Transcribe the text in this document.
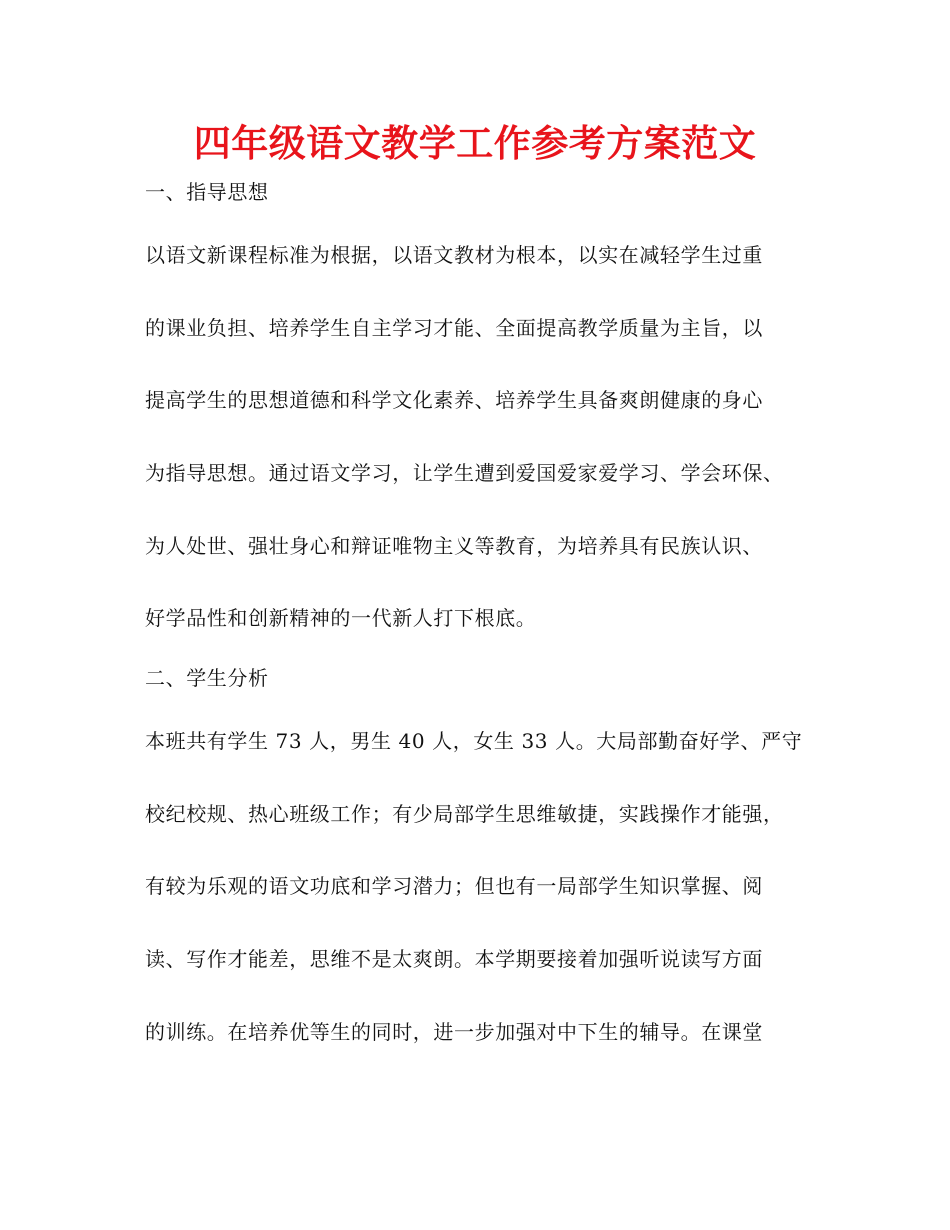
四年级语文教学工作参考方案范文
一、指导思想
以语文新课程标准为根据，以语文教材为根本，以实在减轻学生过重
的课业负担、培养学生自主学习才能、全面提高教学质量为主旨，以
提高学生的思想道德和科学文化素养、培养学生具备爽朗健康的身心
为指导思想。通过语文学习，让学生遭到爱国爱家爱学习、学会环保、
为人处世、强壮身心和辩证唯物主义等教育，为培养具有民族认识、
好学品性和创新精神的一代新人打下根底。
二、学生分析
本班共有学生 73 人，男生 40 人，女生 33 人。大局部勤奋好学、严守
校纪校规、热心班级工作；有少局部学生思维敏捷，实践操作才能强，
有较为乐观的语文功底和学习潜力；但也有一局部学生知识掌握、阅
读、写作才能差，思维不是太爽朗。本学期要接着加强听说读写方面
的训练。在培养优等生的同时，进一步加强对中下生的辅导。在课堂
